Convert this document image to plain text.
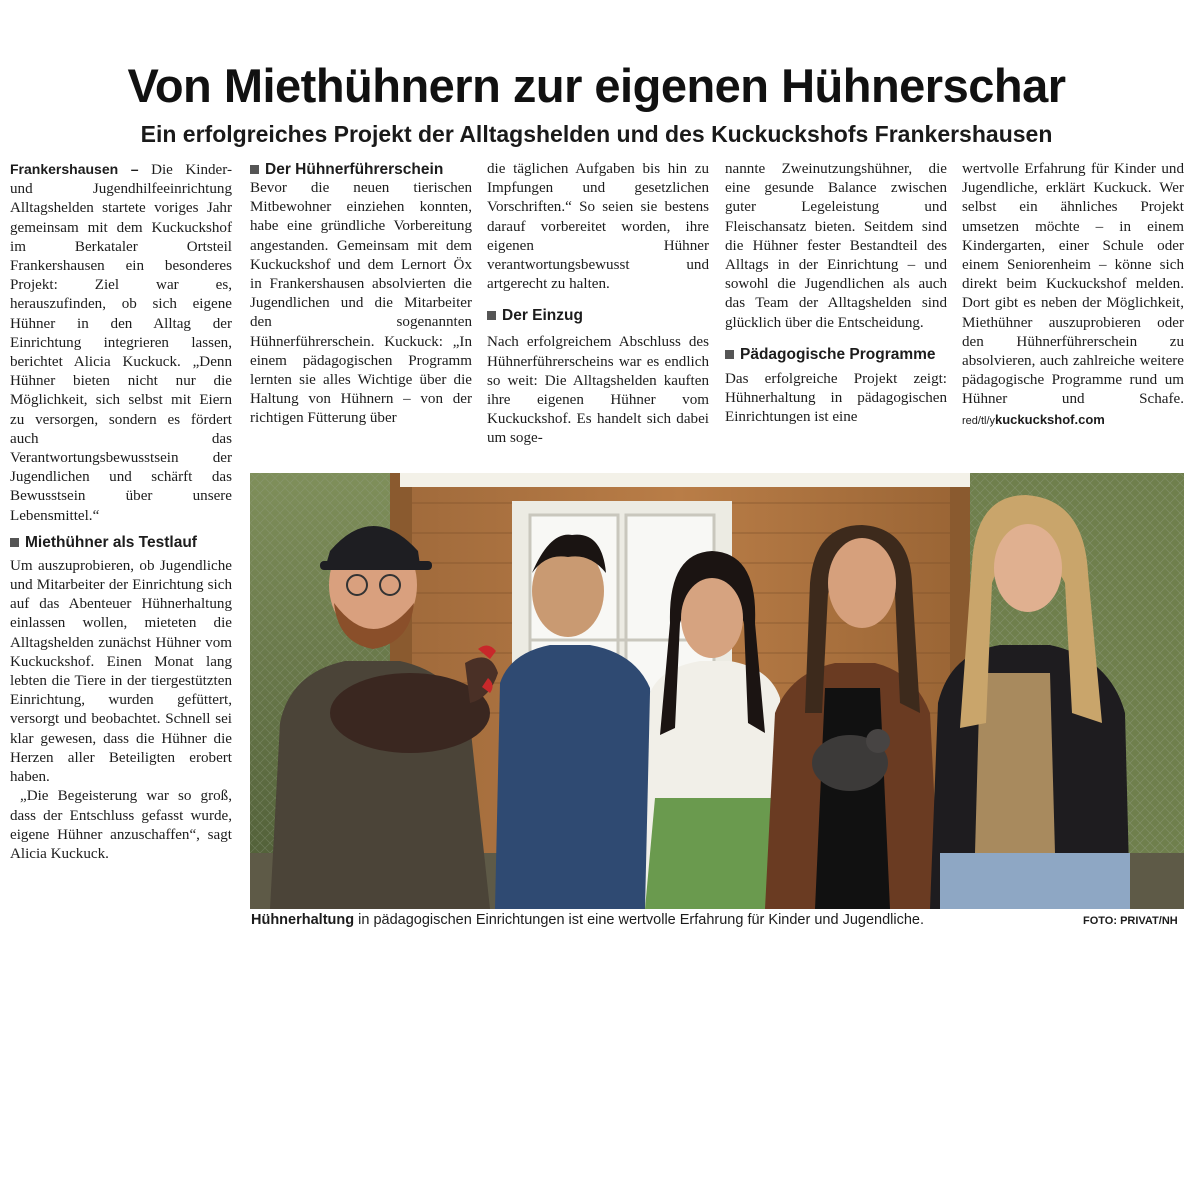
Von Miethühnern zur eigenen Hühnerschar
Ein erfolgreiches Projekt der Alltagshelden und des Kuckuckshofs Frankershausen

Frankershausen – Die Kinder- und Jugendhilfeeinrichtung Alltagshelden startete voriges Jahr gemeinsam mit dem Kuckuckshof im Berkataler Ortsteil Frankershausen ein besonderes Projekt: Ziel war es, herauszufinden, ob sich eigene Hühner in den Alltag der Einrichtung integrieren lassen, berichtet Alicia Kuckuck. „Denn Hühner bieten nicht nur die Möglichkeit, sich selbst mit Eiern zu versorgen, sondern es fördert auch das Verantwortungsbewusstsein der Jugendlichen und schärft das Bewusstsein über unsere Lebensmittel.“

Miethühner als Testlauf

Um auszuprobieren, ob Jugendliche und Mitarbeiter der Einrichtung sich auf das Abenteuer Hühnerhaltung einlassen wollen, mieteten die Alltagshelden zunächst Hühner vom Kuckuckshof. Einen Monat lang lebten die Tiere in der tiergestützten Einrichtung, wurden gefüttert, versorgt und beobachtet. Schnell sei klar gewesen, dass die Hühner die Herzen aller Beteiligten erobert haben.

„Die Begeisterung war so groß, dass der Entschluss gefasst wurde, eigene Hühner anzuschaffen“, sagt Alicia Kuckuck.

Der Hühnerführerschein

Bevor die neuen tierischen Mitbewohner einziehen konnten, habe eine gründliche Vorbereitung angestanden. Gemeinsam mit dem Kuckuckshof und dem Lernort Öx in Frankershausen absolvierten die Jugendlichen und die Mitarbeiter den sogenannten Hühnerführerschein. Kuckuck: „In einem pädagogischen Programm lernten sie alles Wichtige über die Haltung von Hühnern – von der richtigen Fütterung über

die täglichen Aufgaben bis hin zu Impfungen und gesetzlichen Vorschriften.“ So seien sie bestens darauf vorbereitet worden, ihre eigenen Hühner verantwortungsbewusst und artgerecht zu halten.

Der Einzug

Nach erfolgreichem Abschluss des Hühnerführerscheins war es endlich so weit: Die Alltagshelden kauften ihre eigenen Hühner vom Kuckuckshof. Es handelt sich dabei um soge-

nannte Zweinutzungshühner, die eine gesunde Balance zwischen guter Legeleistung und Fleischansatz bieten. Seitdem sind die Hühner fester Bestandteil des Alltags in der Einrichtung – und sowohl die Jugendlichen als auch das Team der Alltagshelden sind glücklich über die Entscheidung.

Pädagogische Programme

Das erfolgreiche Projekt zeigt: Hühnerhaltung in pädagogischen Einrichtungen ist eine

wertvolle Erfahrung für Kinder und Jugendliche, erklärt Kuckuck. Wer selbst ein ähnliches Projekt umsetzen möchte – in einem Kindergarten, einer Schule oder einem Seniorenheim – könne sich direkt beim Kuckuckshof melden. Dort gibt es neben der Möglichkeit, Miethühner auszuprobieren oder den Hühnerführerschein zu absolvieren, auch zahlreiche weitere pädagogische Programme rund um Hühner und Schafe. red/tl/ykuckuckshof.com

Hühnerhaltung in pädagogischen Einrichtungen ist eine wertvolle Erfahrung für Kinder und Jugendliche.	FOTO: PRIVAT/NH
